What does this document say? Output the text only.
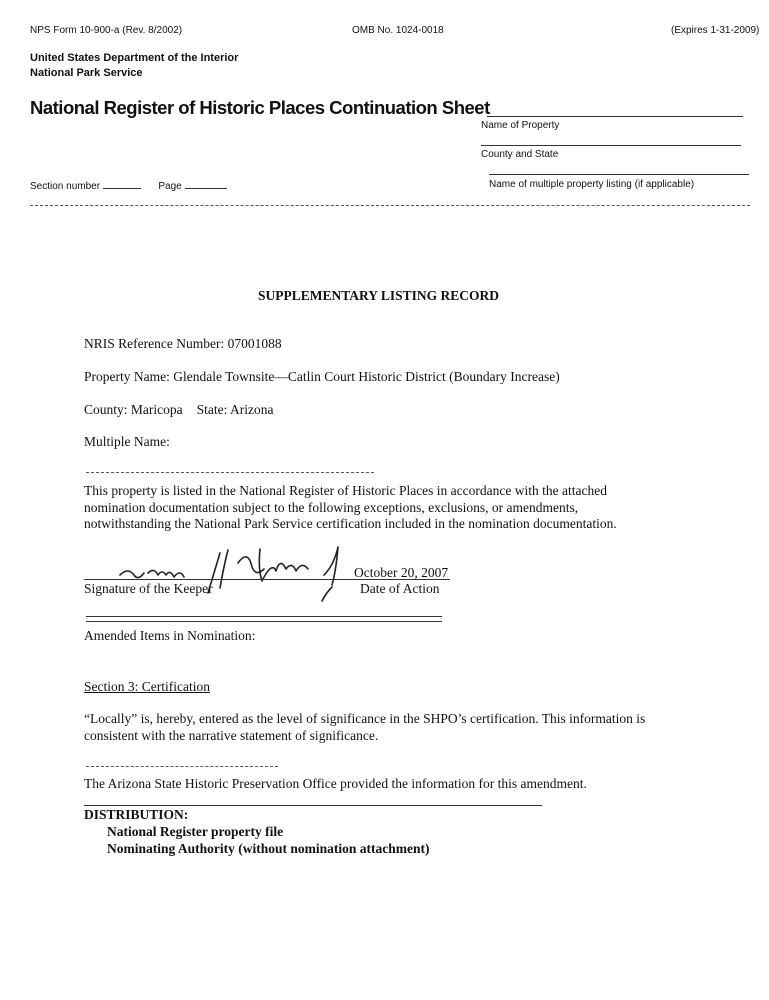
NPS Form 10-900-a (Rev. 8/2002)	OMB No. 1024-0018	(Expires 1-31-2009)
United States Department of the Interior
National Park Service
National Register of Historic Places Continuation Sheet
Name of Property
County and State
Name of multiple property listing (if applicable)
Section number	Page
SUPPLEMENTARY LISTING RECORD
NRIS Reference Number: 07001088
Property Name: Glendale Townsite—Catlin Court Historic District (Boundary Increase)
County: Maricopa State: Arizona
Multiple Name:
This property is listed in the National Register of Historic Places in accordance with the attached
nomination documentation subject to the following exceptions, exclusions, or amendments,
notwithstanding the National Park Service certification included in the nomination documentation.
October 20, 2007
Signature of the Keeper	Date of Action
Amended Items in Nomination:
Section 3: Certification
“Locally” is, hereby, entered as the level of significance in the SHPO’s certification. This information is
consistent with the narrative statement of significance.
The Arizona State Historic Preservation Office provided the information for this amendment.
DISTRIBUTION:
National Register property file
Nominating Authority (without nomination attachment)
